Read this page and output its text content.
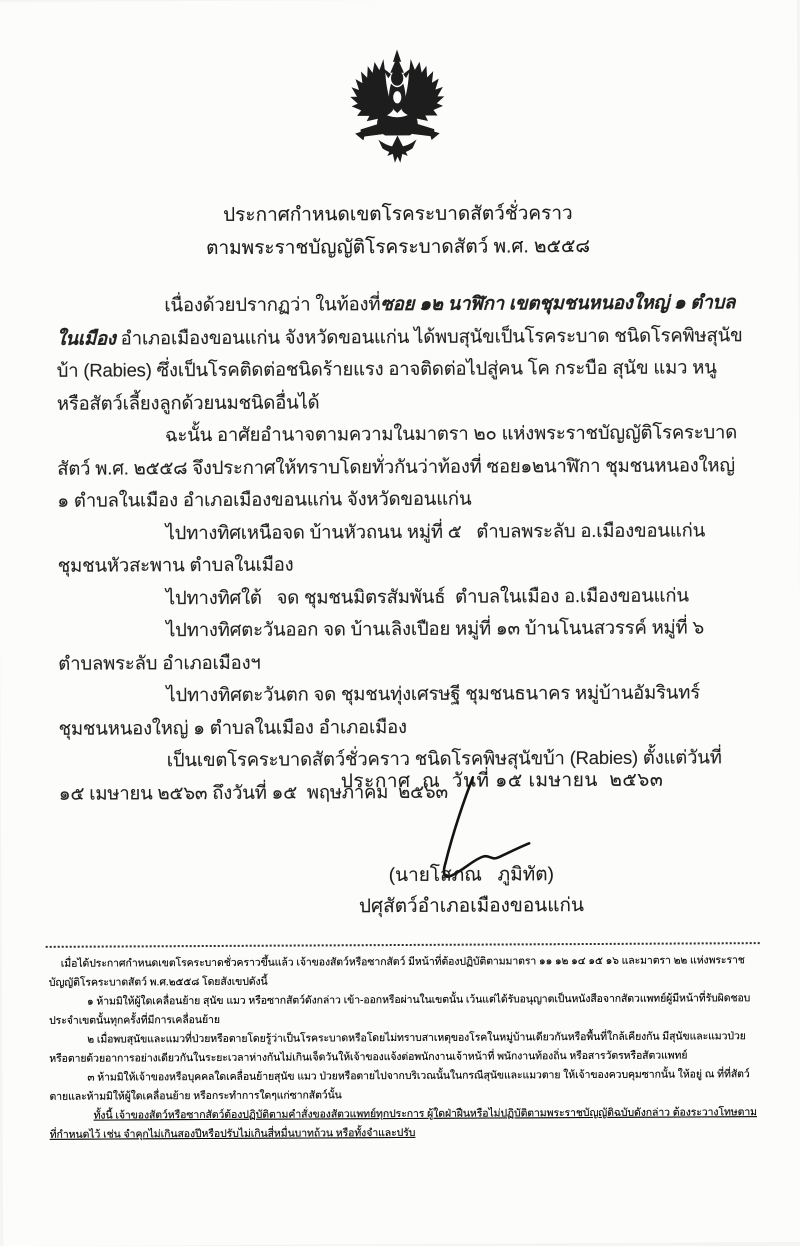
ประกาศกำหนดเขตโรคระบาดสัตว์ชั่วคราว
ตามพระราชบัญญัติโรคระบาดสัตว์ พ.ศ. ๒๕๕๘

เนื่องด้วยปรากฏว่า ในท้องที่ซอย ๑๒ นาฬิกา เขตชุมชนหนองใหญ่ ๑ ตำบลในเมือง อำเภอเมืองขอนแก่น จังหวัดขอนแก่น ได้พบสุนัขเป็นโรคระบาด ชนิดโรคพิษสุนัขบ้า (Rabies) ซึ่งเป็นโรคติดต่อชนิดร้ายแรง อาจติดต่อไปสู่คน โค กระบือ สุนัข แมว หนู หรือสัตว์เลี้ยงลูกด้วยนมชนิดอื่นได้

ฉะนั้น อาศัยอำนาจตามความในมาตรา ๒๐ แห่งพระราชบัญญัติโรคระบาดสัตว์ พ.ศ. ๒๕๕๘ จึงประกาศให้ทราบโดยทั่วกันว่าท้องที่ ซอย๑๒นาฬิกา ชุมชนหนองใหญ่ ๑ ตำบลในเมือง อำเภอเมืองขอนแก่น จังหวัดขอนแก่น

ไปทางทิศเหนือจด บ้านหัวถนน หมู่ที่ ๕   ตำบลพระลับ อ.เมืองขอนแก่น ชุมชนหัวสะพาน ตำบลในเมือง

ไปทางทิศใต้   จด ชุมชนมิตรสัมพันธ์  ตำบลในเมือง อ.เมืองขอนแก่น

ไปทางทิศตะวันออก จด บ้านเลิงเปือย หมู่ที่ ๑๓ บ้านโนนสวรรค์ หมู่ที่ ๖ ตำบลพระลับ อำเภอเมืองฯ

ไปทางทิศตะวันตก จด ชุมชนทุ่งเศรษฐี ชุมชนธนาคร หมู่บ้านอัมรินทร์ ชุมชนหนองใหญ่ ๑ ตำบลในเมือง อำเภอเมือง

เป็นเขตโรคระบาดสัตว์ชั่วคราว ชนิดโรคพิษสุนัขบ้า (Rabies) ตั้งแต่วันที่ ๑๕ เมษายน ๒๕๖๓ ถึงวันที่ ๑๕  พฤษภาคม  ๒๕๖๓

ประกาศ  ณ  วันที่ ๑๕ เมษายน  ๒๕๖๓
(นายโสภณ   ภูมิทัต)
ปศุสัตว์อำเภอเมืองขอนแก่น

เมื่อได้ประกาศกำหนดเขตโรคระบาดชั่วคราวขึ้นแล้ว เจ้าของสัตว์หรือซากสัตว์ มีหน้าที่ต้องปฏิบัติตามมาตรา ๑๑ ๑๒ ๑๔ ๑๕ ๑๖ และมาตรา ๒๒ แห่งพระราชบัญญัติโรคระบาดสัตว์ พ.ศ.๒๕๕๘ โดยสังเขปดังนี้

๑ ห้ามมิให้ผู้ใดเคลื่อนย้าย สุนัข แมว หรือซากสัตว์ดังกล่าว เข้า-ออกหรือผ่านในเขตนั้น เว้นแต่ได้รับอนุญาตเป็นหนังสือจากสัตวแพทย์ผู้มีหน้าที่รับผิดชอบประจำเขตนั้นทุกครั้งที่มีการเคลื่อนย้าย

๒ เมื่อพบสุนัขและแมวที่ป่วยหรือตายโดยรู้ว่าเป็นโรคระบาดหรือโดยไม่ทราบสาเหตุของโรคในหมู่บ้านเดียวกันหรือพื้นที่ใกล้เคียงกัน มีสุนัขและแมวป่วยหรือตายด้วยอาการอย่างเดียวกันในระยะเวลาห่างกันไม่เกินเจ็ดวันให้เจ้าของแจ้งต่อพนักงานเจ้าหน้าที่ พนักงานท้องถิ่น หรือสารวัตรหรือสัตวแพทย์

๓ ห้ามมิให้เจ้าของหรือบุคคลใดเคลื่อนย้ายสุนัข แมว ป่วยหรือตายไปจากบริเวณนั้นในกรณีสุนัขและแมวตาย ให้เจ้าของควบคุมซากนั้น ให้อยู่ ณ ที่ที่สัตว์ตายและห้ามมิให้ผู้ใดเคลื่อนย้าย หรือกระทำการใดๆแก่ซากสัตว์นั้น

ทั้งนี้ เจ้าของสัตว์หรือซากสัตว์ต้องปฏิบัติตามคำสั่งของสัตวแพทย์ทุกประการ ผู้ใดฝ่าฝืนหรือไม่ปฏิบัติตามพระราชบัญญัติฉบับดังกล่าว ต้องระวางโทษตามที่กำหนดไว้ เช่น จำคุกไม่เกินสองปีหรือปรับไม่เกินสี่หมื่นบาทถ้วน หรือทั้งจำและปรับ
